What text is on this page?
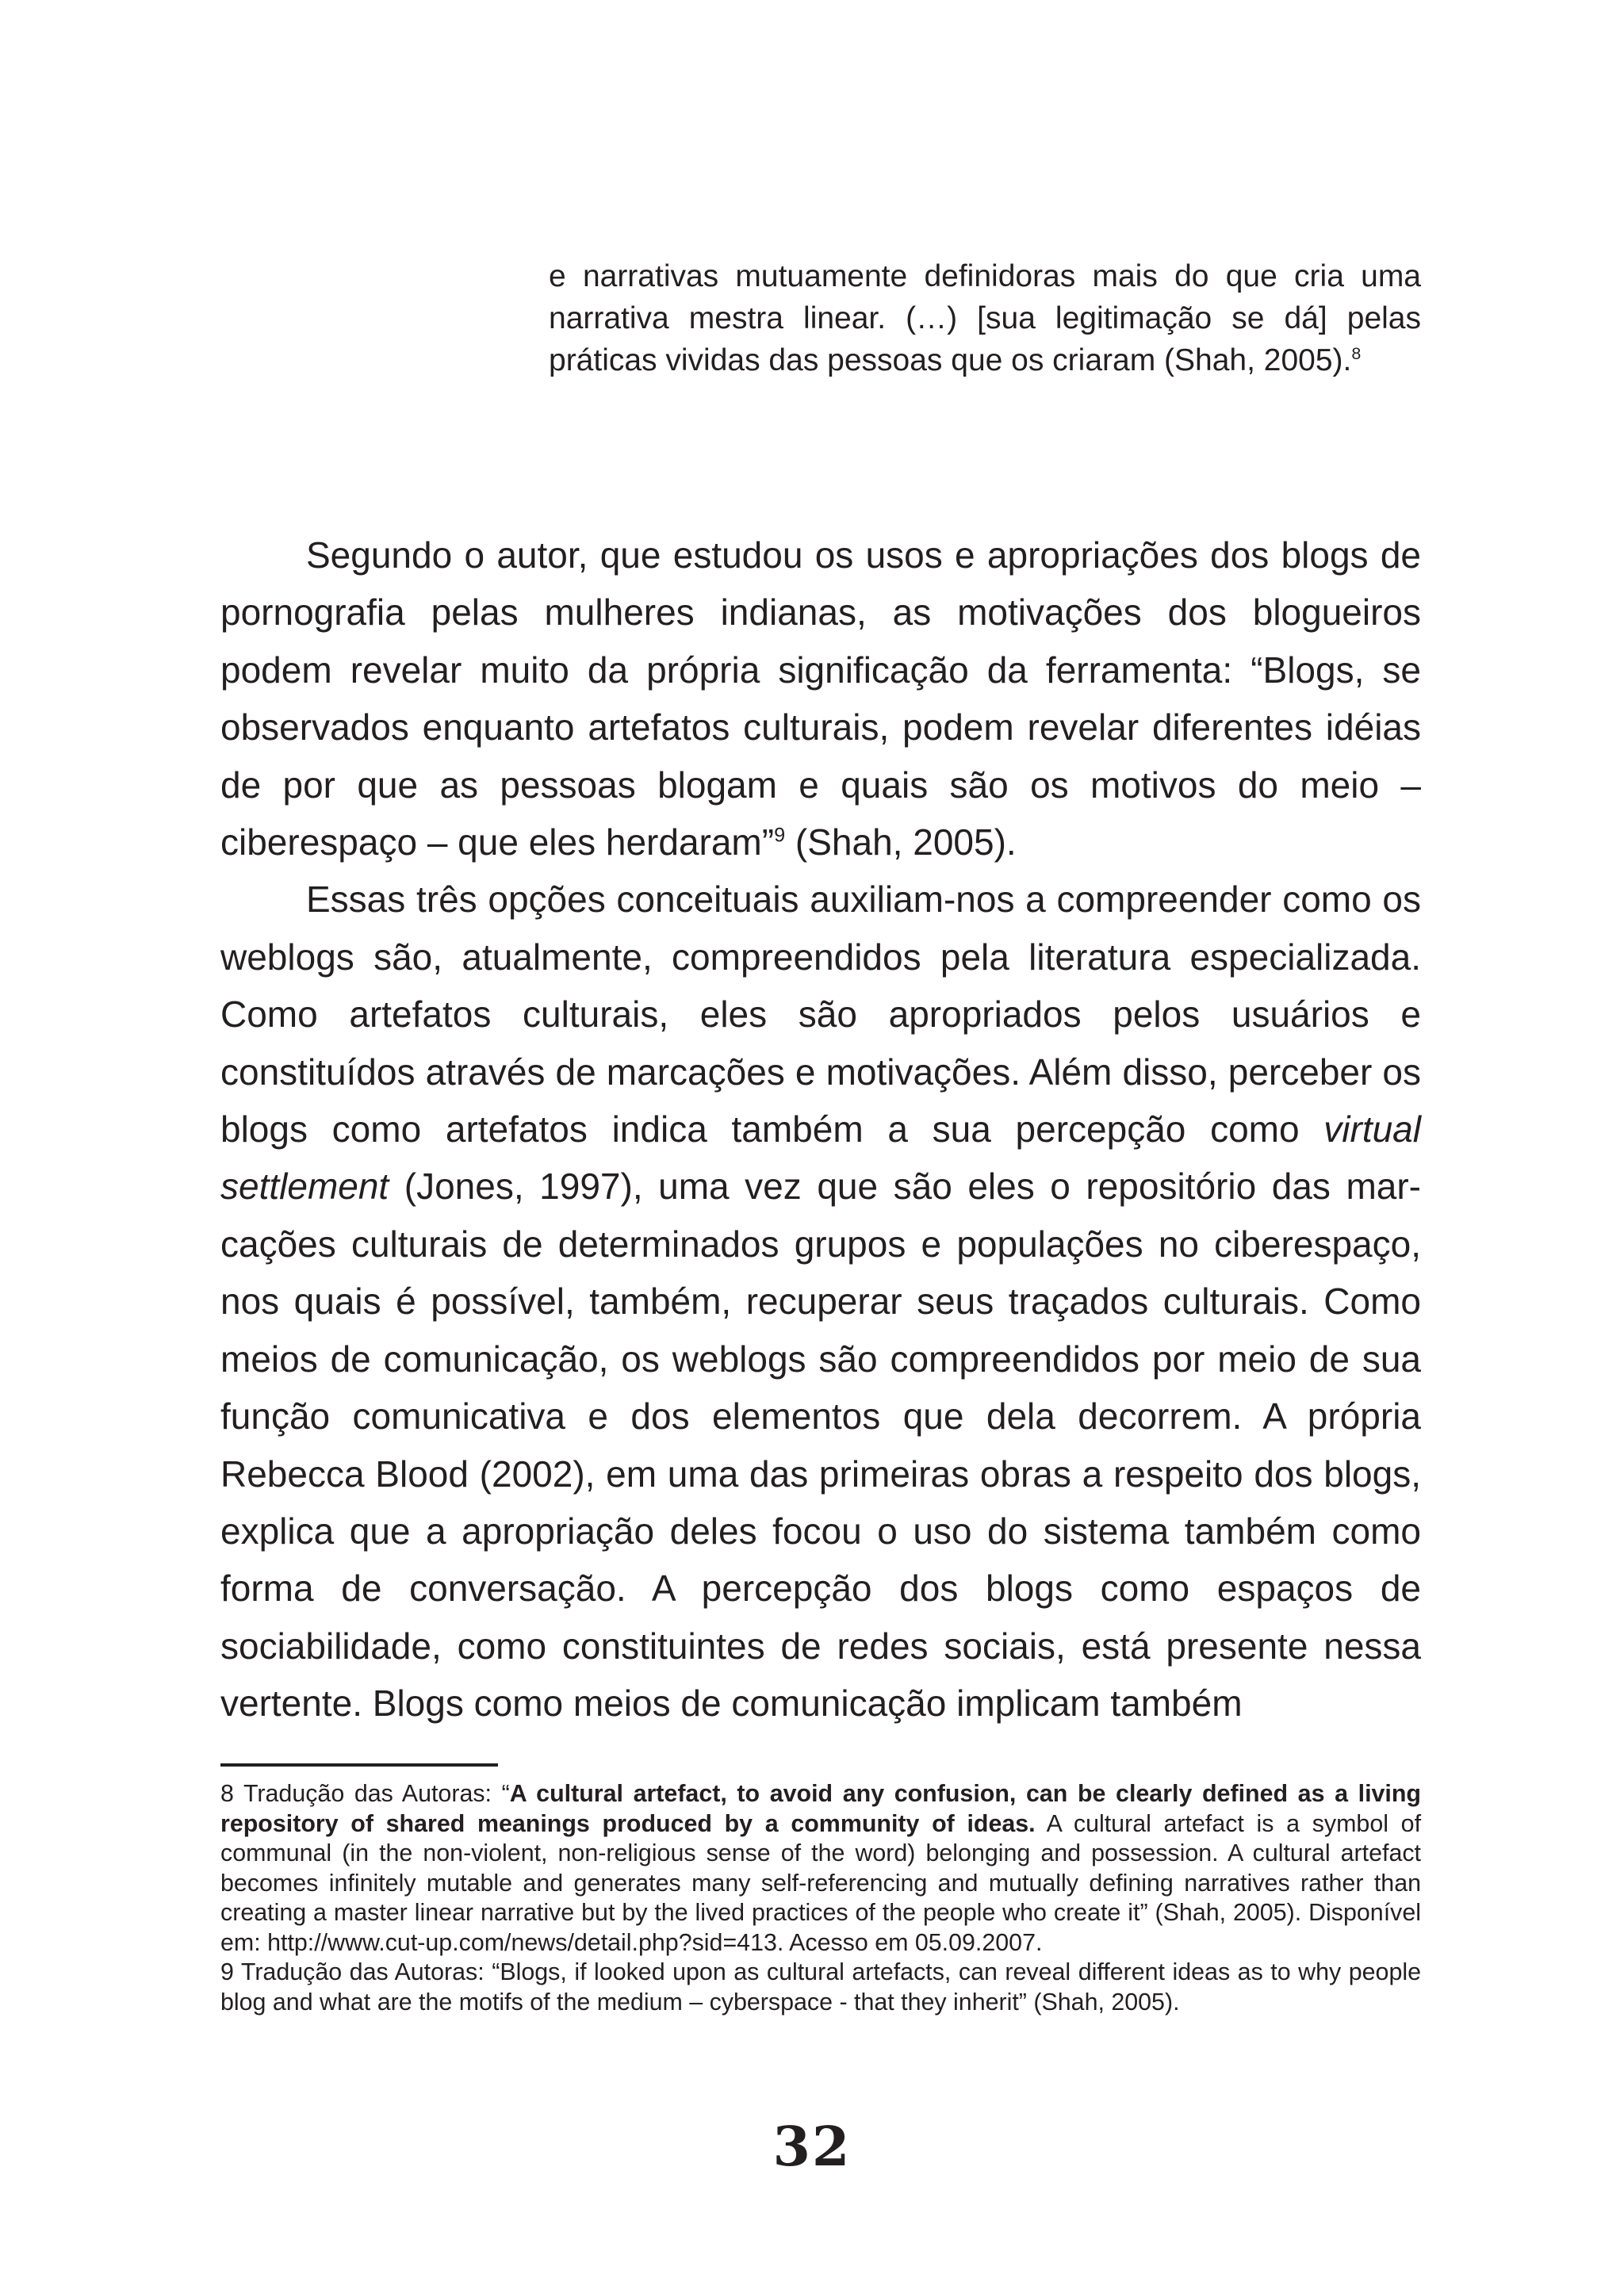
e narrativas mutuamente definidoras mais do que cria uma narrativa mestra linear. (…) [sua legitimação se dá] pelas práticas vividas das pessoas que os criaram (Shah, 2005).$^8$

Segundo o autor, que estudou os usos e apropriações dos blogs de pornografia pelas mulheres indianas, as motivações dos blogueiros podem revelar muito da própria significação da ferramenta: “Blogs, se observados enquanto artefatos culturais, podem revelar diferentes idéias de por que as pessoas blogam e quais são os motivos do meio – ciberespaço – que eles herdaram”$^9$ (Shah, 2005).

Essas três opções conceituais auxiliam-nos a compreender como os weblogs são, atualmente, compreendidos pela literatura especializada. Como artefatos culturais, eles são apropriados pelos usuários e constituídos através de marcações e motivações. Além disso, perceber os blogs como artefatos indica também a sua percepção como virtual settlement (Jones, 1997), uma vez que são eles o repositório das marcações culturais de determinados grupos e populações no ciberespaço, nos quais é possível, também, recuperar seus traçados culturais. Como meios de comunicação, os weblogs são compreendidos por meio de sua função comunicativa e dos elementos que dela decorrem. A própria Rebecca Blood (2002), em uma das primeiras obras a respeito dos blogs, explica que a apropriação deles focou o uso do sistema também como forma de conversação. A percepção dos blogs como espaços de sociabilidade, como constituintes de redes sociais, está presente nessa vertente. Blogs como meios de comunicação implicam também

8 Tradução das Autoras: “A cultural artefact, to avoid any confusion, can be clearly defined as a living repository of shared meanings produced by a community of ideas. A cultural artefact is a symbol of communal (in the non-violent, non-religious sense of the word) belonging and possession. A cultural artefact becomes infinitely mutable and generates many self-referencing and mutually defining narratives rather than creating a master linear narrative but by the lived practices of the people who create it” (Shah, 2005). Disponível em: http://www.cut-up.com/news/detail.php?sid=413. Acesso em 05.09.2007.

9 Tradução das Autoras: “Blogs, if looked upon as cultural artefacts, can reveal different ideas as to why people blog and what are the motifs of the medium – cyberspace - that they inherit” (Shah, 2005).

32
